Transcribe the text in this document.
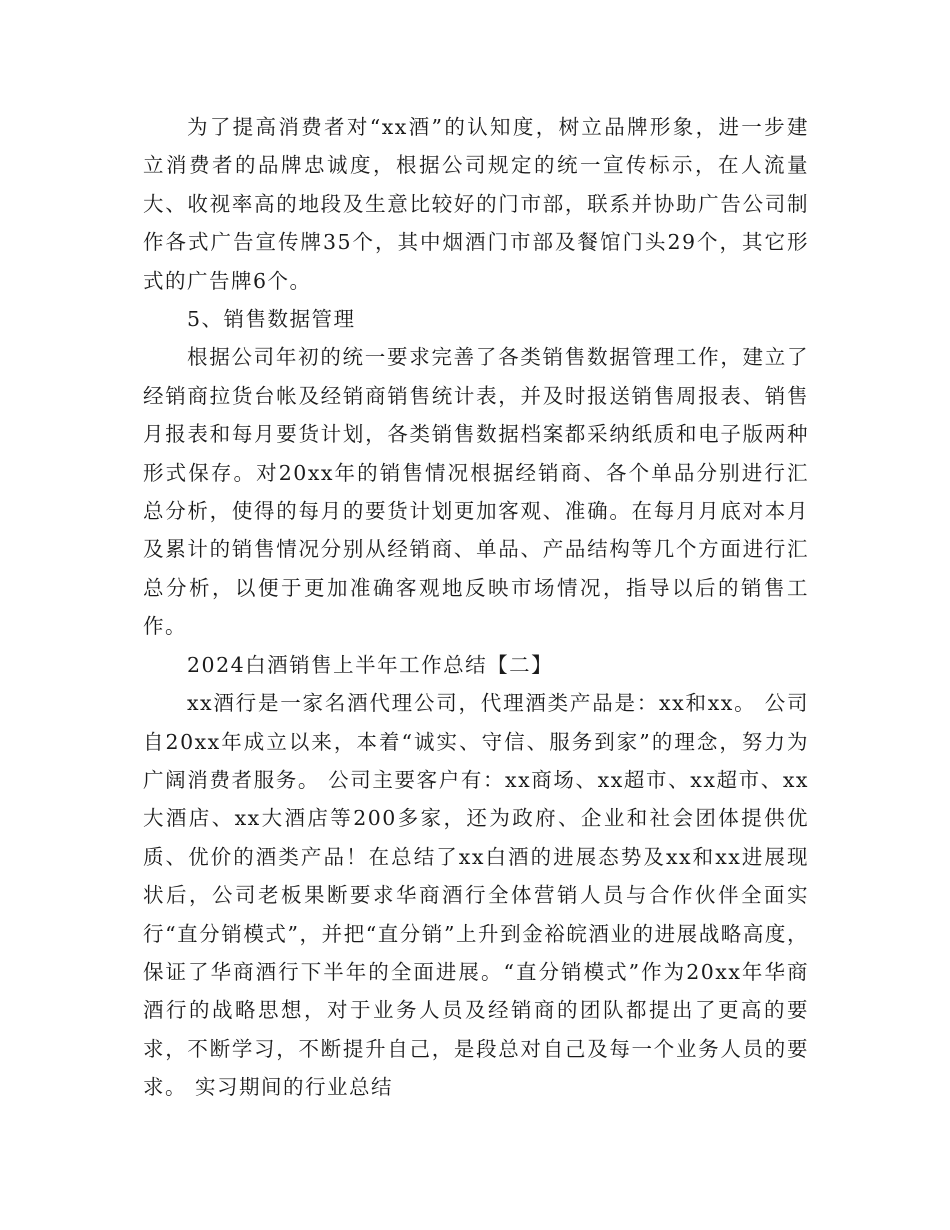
为了提高消费者对“xx酒”的认知度，树立品牌形象，进一步建立消费者的品牌忠诚度，根据公司规定的统一宣传标示，在人流量大、收视率高的地段及生意比较好的门市部，联系并协助广告公司制作各式广告宣传牌35个，其中烟酒门市部及餐馆门头29个，其它形式的广告牌6个。

5、销售数据管理

根据公司年初的统一要求完善了各类销售数据管理工作，建立了经销商拉货台帐及经销商销售统计表，并及时报送销售周报表、销售月报表和每月要货计划，各类销售数据档案都采纳纸质和电子版两种形式保存。对20xx年的销售情况根据经销商、各个单品分别进行汇总分析，使得的每月的要货计划更加客观、准确。在每月月底对本月及累计的销售情况分别从经销商、单品、产品结构等几个方面进行汇总分析，以便于更加准确客观地反映市场情况，指导以后的销售工作。

2024白酒销售上半年工作总结【二】

xx酒行是一家名酒代理公司，代理酒类产品是：xx和xx。 公司自20xx年成立以来，本着“诚实、守信、服务到家”的理念，努力为广阔消费者服务。 公司主要客户有：xx商场、xx超市、xx超市、xx大酒店、xx大酒店等200多家，还为政府、企业和社会团体提供优质、优价的酒类产品！在总结了xx白酒的进展态势及xx和xx进展现状后，公司老板果断要求华商酒行全体营销人员与合作伙伴全面实行“直分销模式”，并把“直分销”上升到金裕皖酒业的进展战略高度，保证了华商酒行下半年的全面进展。“直分销模式”作为20xx年华商酒行的战略思想，对于业务人员及经销商的团队都提出了更高的要求，不断学习，不断提升自己，是段总对自己及每一个业务人员的要求。 实习期间的行业总结
